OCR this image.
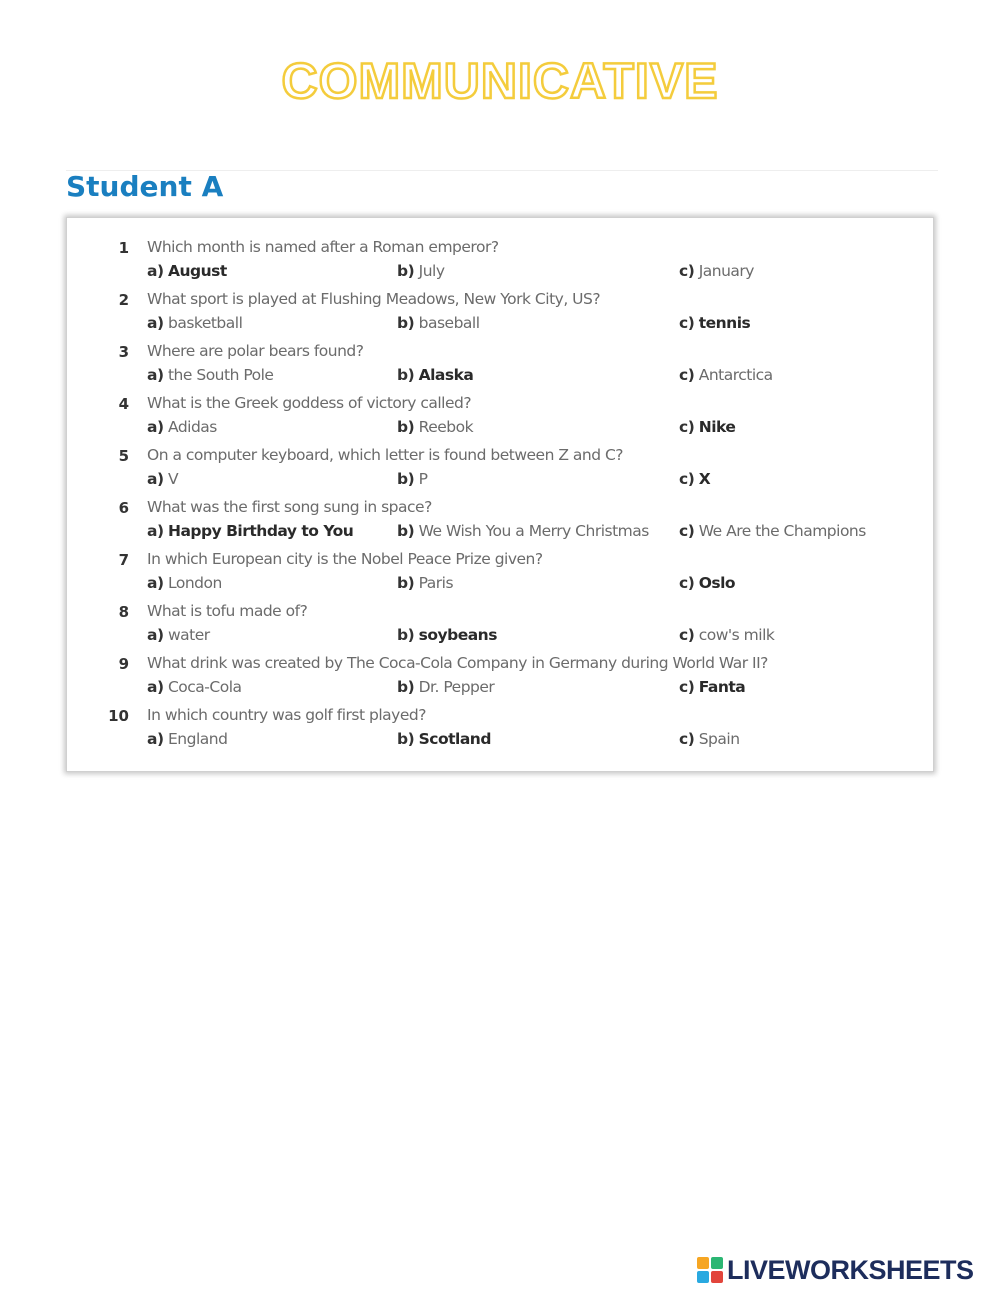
COMMUNICATIVE
Student A
1 Which month is named after a Roman emperor?
a) August	b) July	c) January
2 What sport is played at Flushing Meadows, New York City, US?
a) basketball	b) baseball	c) tennis
3 Where are polar bears found?
a) the South Pole	b) Alaska	c) Antarctica
4 What is the Greek goddess of victory called?
a) Adidas	b) Reebok	c) Nike
5 On a computer keyboard, which letter is found between Z and C?
a) V	b) P	c) X
6 What was the first song sung in space?
a) Happy Birthday to You	b) We Wish You a Merry Christmas c) We Are the Champions
7 In which European city is the Nobel Peace Prize given?
a) London	b) Paris	c) Oslo
8 What is tofu made of?
a) water	b) soybeans	c) cow's milk
9 What drink was created by The Coca-Cola Company in Germany during World War II?
a) Coca-Cola	b) Dr. Pepper	c) Fanta
10 In which country was golf first played?
a) England	b) Scotland	c) Spain
LIVEWORKSHEETS
